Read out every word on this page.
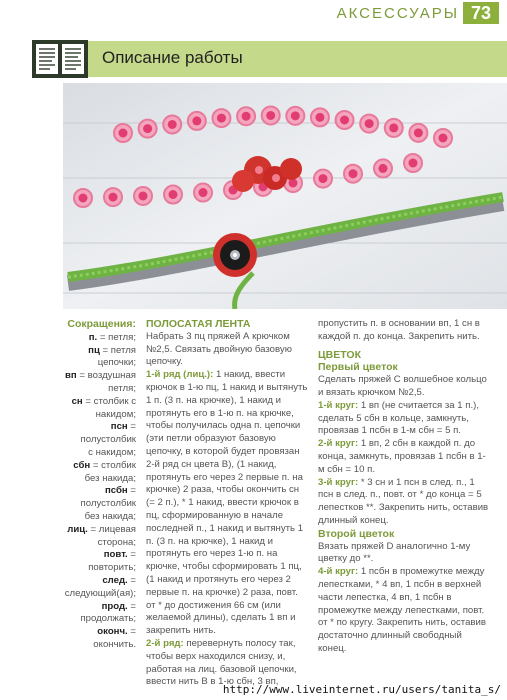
АКСЕССУАРЫ 73
Описание работы
Сокращения:
п. = петля;
пц = петля цепочки;
вп = воздушная петля;
сн = столбик с накидом;
псн = полустолбик
с накидом;
сбн = столбик
без накида;
псбн = полустолбик
без накида;
лиц. = лицевая сторона;
повт. = повторить;
след. = следующий(ая);
прод. = продолжать;
оконч. = окончить.
ПОЛОСАТАЯ ЛЕНТА

Набрать 3 пц пряжей А крючком №2,5. Связать двойную базовую цепочку.

1-й ряд (лиц.): 1 накид, ввести крючок в 1-ю пц, 1 накид и вытянуть 1 п. (3 п. на крючке), 1 накид и протянуть его в 1-ю п. на крючке, чтобы получилась одна п. цепочки (эти петли образуют базовую цепочку, в которой будет провязан 2-й ряд сн цвета В), (1 накид, протянуть его через 2 первые п. на крючке) 2 раза, чтобы окончить сн (= 2 п.), * 1 накид, ввести крючок в пц, сформированную в начале последней п., 1 накид и вытянуть 1 п. (3 п. на крючке), 1 накид и протянуть его через 1-ю п. на крючке, чтобы сформировать 1 пц, (1 накид и протянуть его через 2 первые п. на крючке) 2 раза, повт. от * до достижения 66 см (или желаемой длины), сделать 1 вп и закрепить нить.

2-й ряд: перевернуть полосу так, чтобы верх находился снизу, и, работая на лиц. базовой цепочки, ввести нить В в 1-ю сбн, 3 вп,

пропустить п. в основании вп, 1 сн в каждой п. до конца. Закрепить нить.

ЦВЕТОК
Первый цветок

Сделать пряжей С волшебное кольцо и вязать крючком №2,5.

1-й круг: 1 вп (не считается за 1 п.), сделать 5 сбн в кольце, замкнуть, провязав 1 псбн в 1-м сбн = 5 п.

2-й круг: 1 вп, 2 сбн в каждой п. до конца, замкнуть, провязав 1 псбн в 1-м сбн = 10 п.

3-й круг: * 3 сн и 1 псн в след. п., 1 псн в след. п., повт. от * до конца = 5 лепестков **. Закрепить нить, оставив длинный конец.

Второй цветок

Вязать пряжей D аналогично 1-му цветку до **.

4-й круг: 1 псбн в промежутке между лепестками, * 4 вп, 1 псбн в верхней части лепестка, 4 вп, 1 псбн в промежутке между лепестками, повт. от * по кругу. Закрепить нить, оставив достаточно длинный свободный конец.

http://www.liveinternet.ru/users/tanita_s/
